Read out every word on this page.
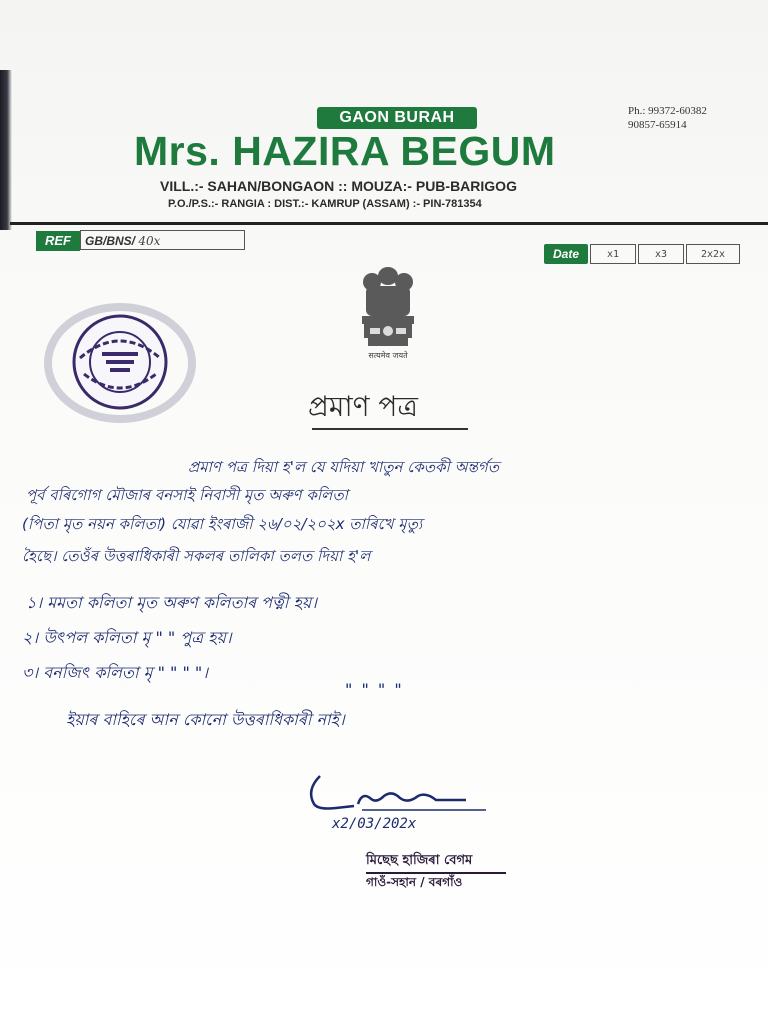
GAON BURAH	Ph.: 99372-60382
90857-65914
Mrs. HAZIRA BEGUM
VILL.:- SAHAN/BONGAON :: MOUZA:- PUB-BARIGOG
P.O./P.S.:- RANGIA : DIST.:- KAMRUP (ASSAM) :- PIN-781354
REF	GB/BNS/ 40x
Date	x1	x3	2x2x
सत्यमेव जयते
প্ৰমাণ পত্ৰ
প্ৰমাণ পত্ৰ দিয়া হ'ল যে যদিয়া খাতুন কেতকী অন্তৰ্গত
পূৰ্ব বৰিগোগ মৌজাৰ বনসাই নিবাসী মৃত অৰুণ কলিতা
(পিতা মৃত নয়ন কলিতা) যোৱা ইংৰাজী ২৬/০২/২০২x তাৰিখে মৃত্যু
হৈছে। তেওঁৰ উত্তৰাধিকাৰী সকলৰ তালিকা তলত দিয়া হ'ল
১। মমতা কলিতা মৃত অৰুণ কলিতাৰ পত্নী হয়।
২। উৎপল কলিতা মৃ " " পুত্ৰ হয়।
৩। বনজিৎ কলিতা মৃ " " " "।
" " " "
ইয়াৰ বাহিৰে আন কোনো উত্তৰাধিকাৰী নাই।
x2/03/202x
মিছেছ হাজিৰা বেগম
গাওঁ-সহান / বৰগাঁও
